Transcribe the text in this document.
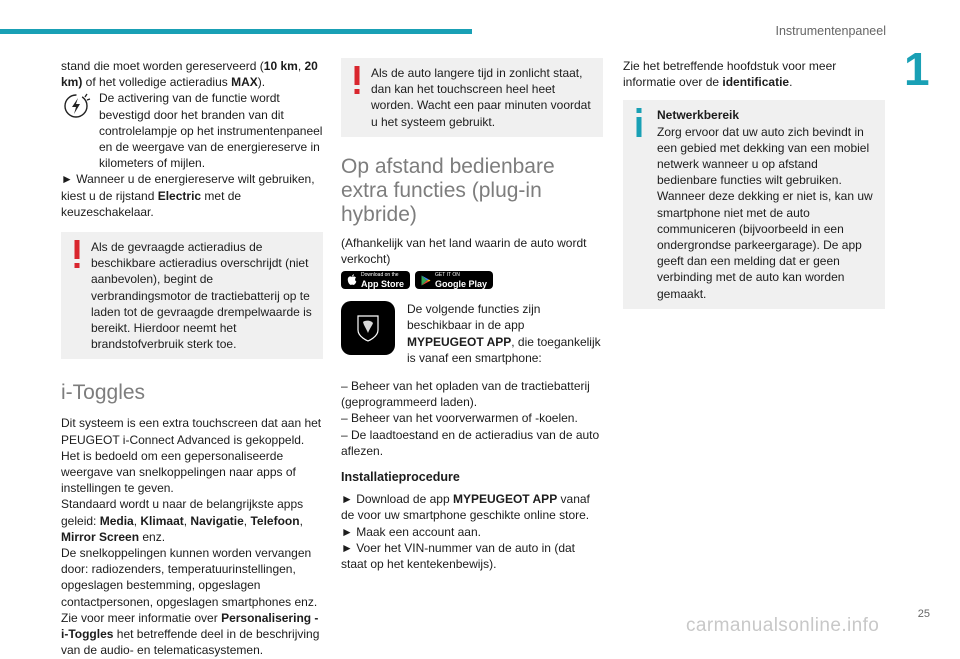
Instrumentenpaneel
1

stand die moet worden gereserveerd (10 km, 20 km) of het volledige actieradius MAX).

De activering van de functie wordt bevestigd door het branden van dit controlelampje op het instrumentenpaneel en de weergave van de energiereserve in kilometers of mijlen.

► Wanneer u de energiereserve wilt gebruiken, kiest u de rijstand Electric met de keuzeschakelaar.

Als de gevraagde actieradius de beschikbare actieradius overschrijdt (niet aanbevolen), begint de verbrandingsmotor de tractiebatterij op te laden tot de gevraagde drempelwaarde is bereikt. Hierdoor neemt het brandstofverbruik sterk toe.
i-Toggles

Dit systeem is een extra touchscreen dat aan het PEUGEOT i-Connect Advanced is gekoppeld. Het is bedoeld om een gepersonaliseerde weergave van snelkoppelingen naar apps of instellingen te geven.

Standaard wordt u naar de belangrijkste apps geleid: Media, Klimaat, Navigatie, Telefoon, Mirror Screen enz.

De snelkoppelingen kunnen worden vervangen door: radiozenders, temperatuurinstellingen, opgeslagen bestemming, opgeslagen contactpersonen, opgeslagen smartphones enz.

Zie voor meer informatie over Personalisering - i-Toggles het betreffende deel in de beschrijving van de audio- en telematicasystemen.

Als de auto langere tijd in zonlicht staat, dan kan het touchscreen heel heet worden. Wacht een paar minuten voordat u het systeem gebruikt.
Op afstand bedienbare extra functies (plug-in hybride)

(Afhankelijk van het land waarin de auto wordt verkocht)

Download on the
App Store
GET IT ON
Google Play

De volgende functies zijn beschikbaar in de app MYPEUGEOT APP, die toegankelijk is vanaf een smartphone:

– Beheer van het opladen van de tractiebatterij (geprogrammeerd laden).

– Beheer van het voorverwarmen of -koelen.

– De laadtoestand en de actieradius van de auto aflezen.

Installatieprocedure

► Download de app MYPEUGEOT APP vanaf de voor uw smartphone geschikte online store.

► Maak een account aan.

► Voer het VIN-nummer van de auto in (dat staat op het kentekenbewijs).

Zie het betreffende hoofdstuk voor meer informatie over de identificatie.

Netwerkbereik

Zorg ervoor dat uw auto zich bevindt in een gebied met dekking van een mobiel netwerk wanneer u op afstand bedienbare functies wilt gebruiken.

Wanneer deze dekking er niet is, kan uw smartphone niet met de auto communiceren (bijvoorbeeld in een ondergrondse parkeergarage). De app geeft dan een melding dat er geen verbinding met de auto kan worden gemaakt.

25
carmanualsonline.info
